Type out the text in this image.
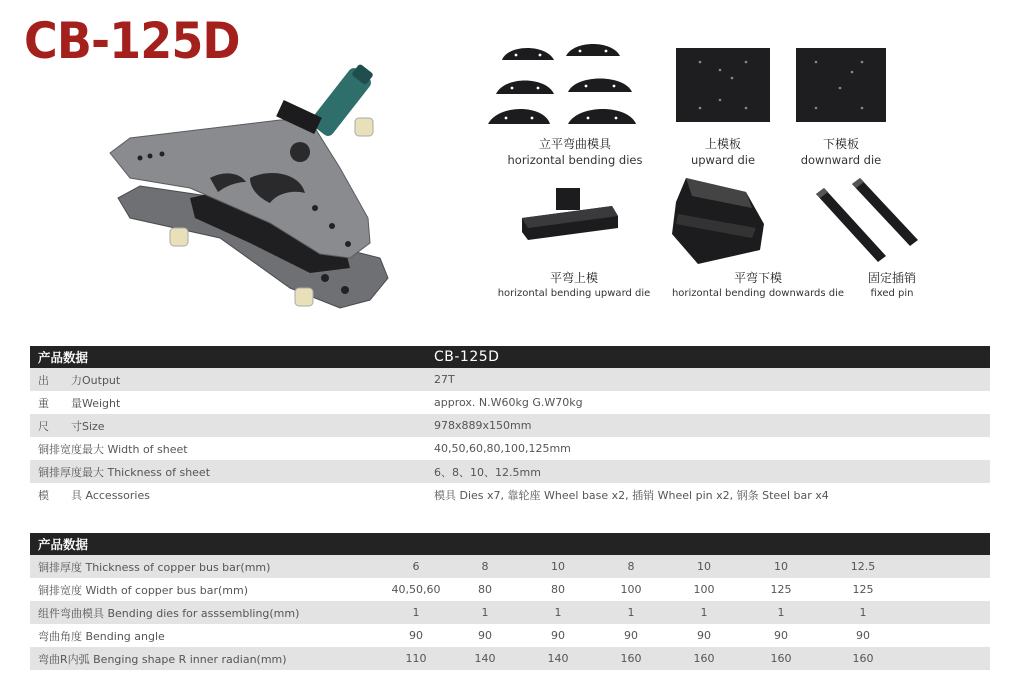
CB-125D
立平弯曲模具
horizontal bending dies
上模板
upward die
下模板
downward die
平弯上模
horizontal bending upward die
平弯下模
horizontal bending downwards die
固定插销
fixed pin
产品数据	CB-125D
出　　力Output	27T
重　　量Weight	approx. N.W60kg G.W70kg
尺　　寸Size	978x889x150mm
铜排宽度最大 Width of sheet	40,50,60,80,100,125mm
铜排厚度最大 Thickness of sheet	6、8、10、12.5mm
模　　具 Accessories	模具 Dies x7, 靠轮座 Wheel base x2, 插销 Wheel pin x2, 钢条 Steel bar x4
产品数据								
铜排厚度 Thickness of copper bus bar(mm)	6	8	10	8	10	10	12.5	
铜排宽度 Width of copper bus bar(mm)	40,50,60	80	80	100	100	125	125	
组件弯曲模具 Bending dies for asssembling(mm)	1	1	1	1	1	1	1	
弯曲角度 Bending angle	90	90	90	90	90	90	90	
弯曲R内弧 Benging shape R inner radian(mm)	110	140	140	160	160	160	160	
